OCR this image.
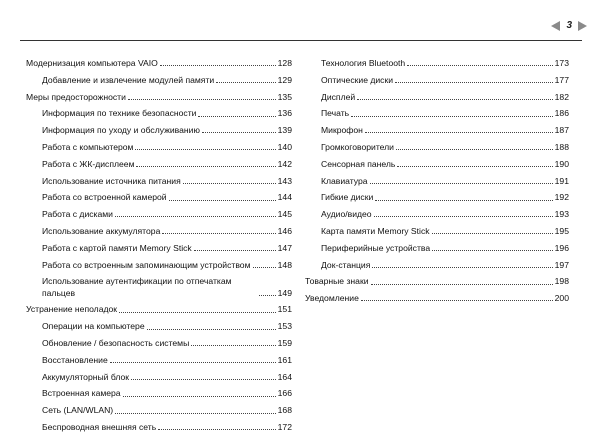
3
Модернизация компьютера VAIO	128
Добавление и извлечение модулей памяти	129
Меры предосторожности	135
Информация по технике безопасности	136
Информация по уходу и обслуживанию	139
Работа с компьютером	140
Работа с ЖК-дисплеем	142
Использование источника питания	143
Работа со встроенной камерой	144
Работа с дисками	145
Использование аккумулятора	146
Работа с картой памяти Memory Stick	147
Работа со встроенным запоминающим устройством	148
Использование аутентификации по отпечаткам пальцев	149
Устранение неполадок	151
Операции на компьютере	153
Обновление / безопасность системы	159
Восстановление	161
Аккумуляторный блок	164
Встроенная камера	166
Сеть (LAN/WLAN)	168
Беспроводная внешняя сеть	172
Технология Bluetooth	173
Оптические диски	177
Дисплей	182
Печать	186
Микрофон	187
Громкоговорители	188
Сенсорная панель	190
Клавиатура	191
Гибкие диски	192
Аудио/видео	193
Карта памяти Memory Stick	195
Периферийные устройства	196
Док-станция	197
Товарные знаки	198
Уведомление	200
